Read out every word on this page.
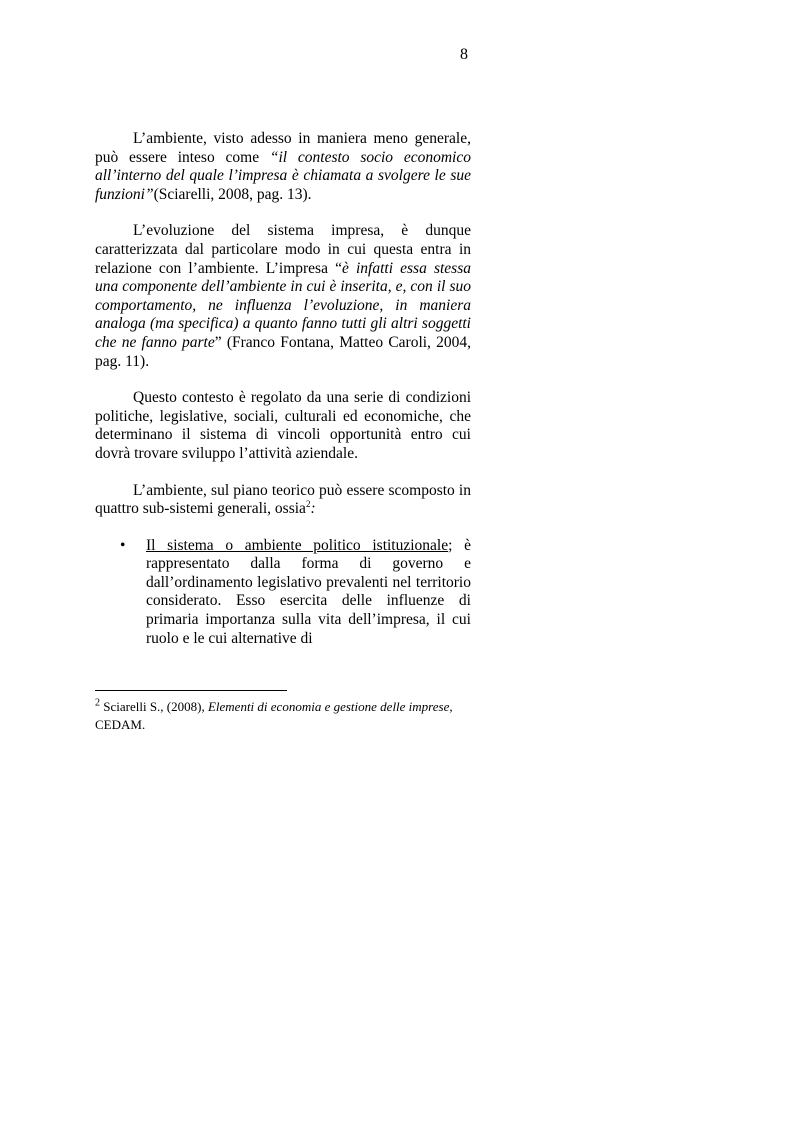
8

L’ambiente, visto adesso in maniera meno generale, può essere inteso come “il contesto socio economico all’interno del quale l’impresa è chiamata a svolgere le sue funzioni”(Sciarelli, 2008, pag. 13).

L’evoluzione del sistema impresa, è dunque caratterizzata dal particolare modo in cui questa entra in relazione con l’ambiente. L’impresa “è infatti essa stessa una componente dell’ambiente in cui è inserita, e, con il suo comportamento, ne influenza l’evoluzione, in maniera analoga (ma specifica) a quanto fanno tutti gli altri soggetti che ne fanno parte” (Franco Fontana, Matteo Caroli, 2004, pag. 11).

Questo contesto è regolato da una serie di condizioni politiche, legislative, sociali, culturali ed economiche, che determinano il sistema di vincoli opportunità entro cui dovrà trovare sviluppo l’attività aziendale.

L’ambiente, sul piano teorico può essere scomposto in quattro sub-sistemi generali, ossia$^2$:

• Il sistema o ambiente politico istituzionale; è rappresentato dalla forma di governo e dall’ordinamento legislativo prevalenti nel territorio considerato. Esso esercita delle influenze di primaria importanza sulla vita dell’impresa, il cui ruolo e le cui alternative di
$^2$ Sciarelli S., (2008), Elementi di economia e gestione delle imprese,
CEDAM.
